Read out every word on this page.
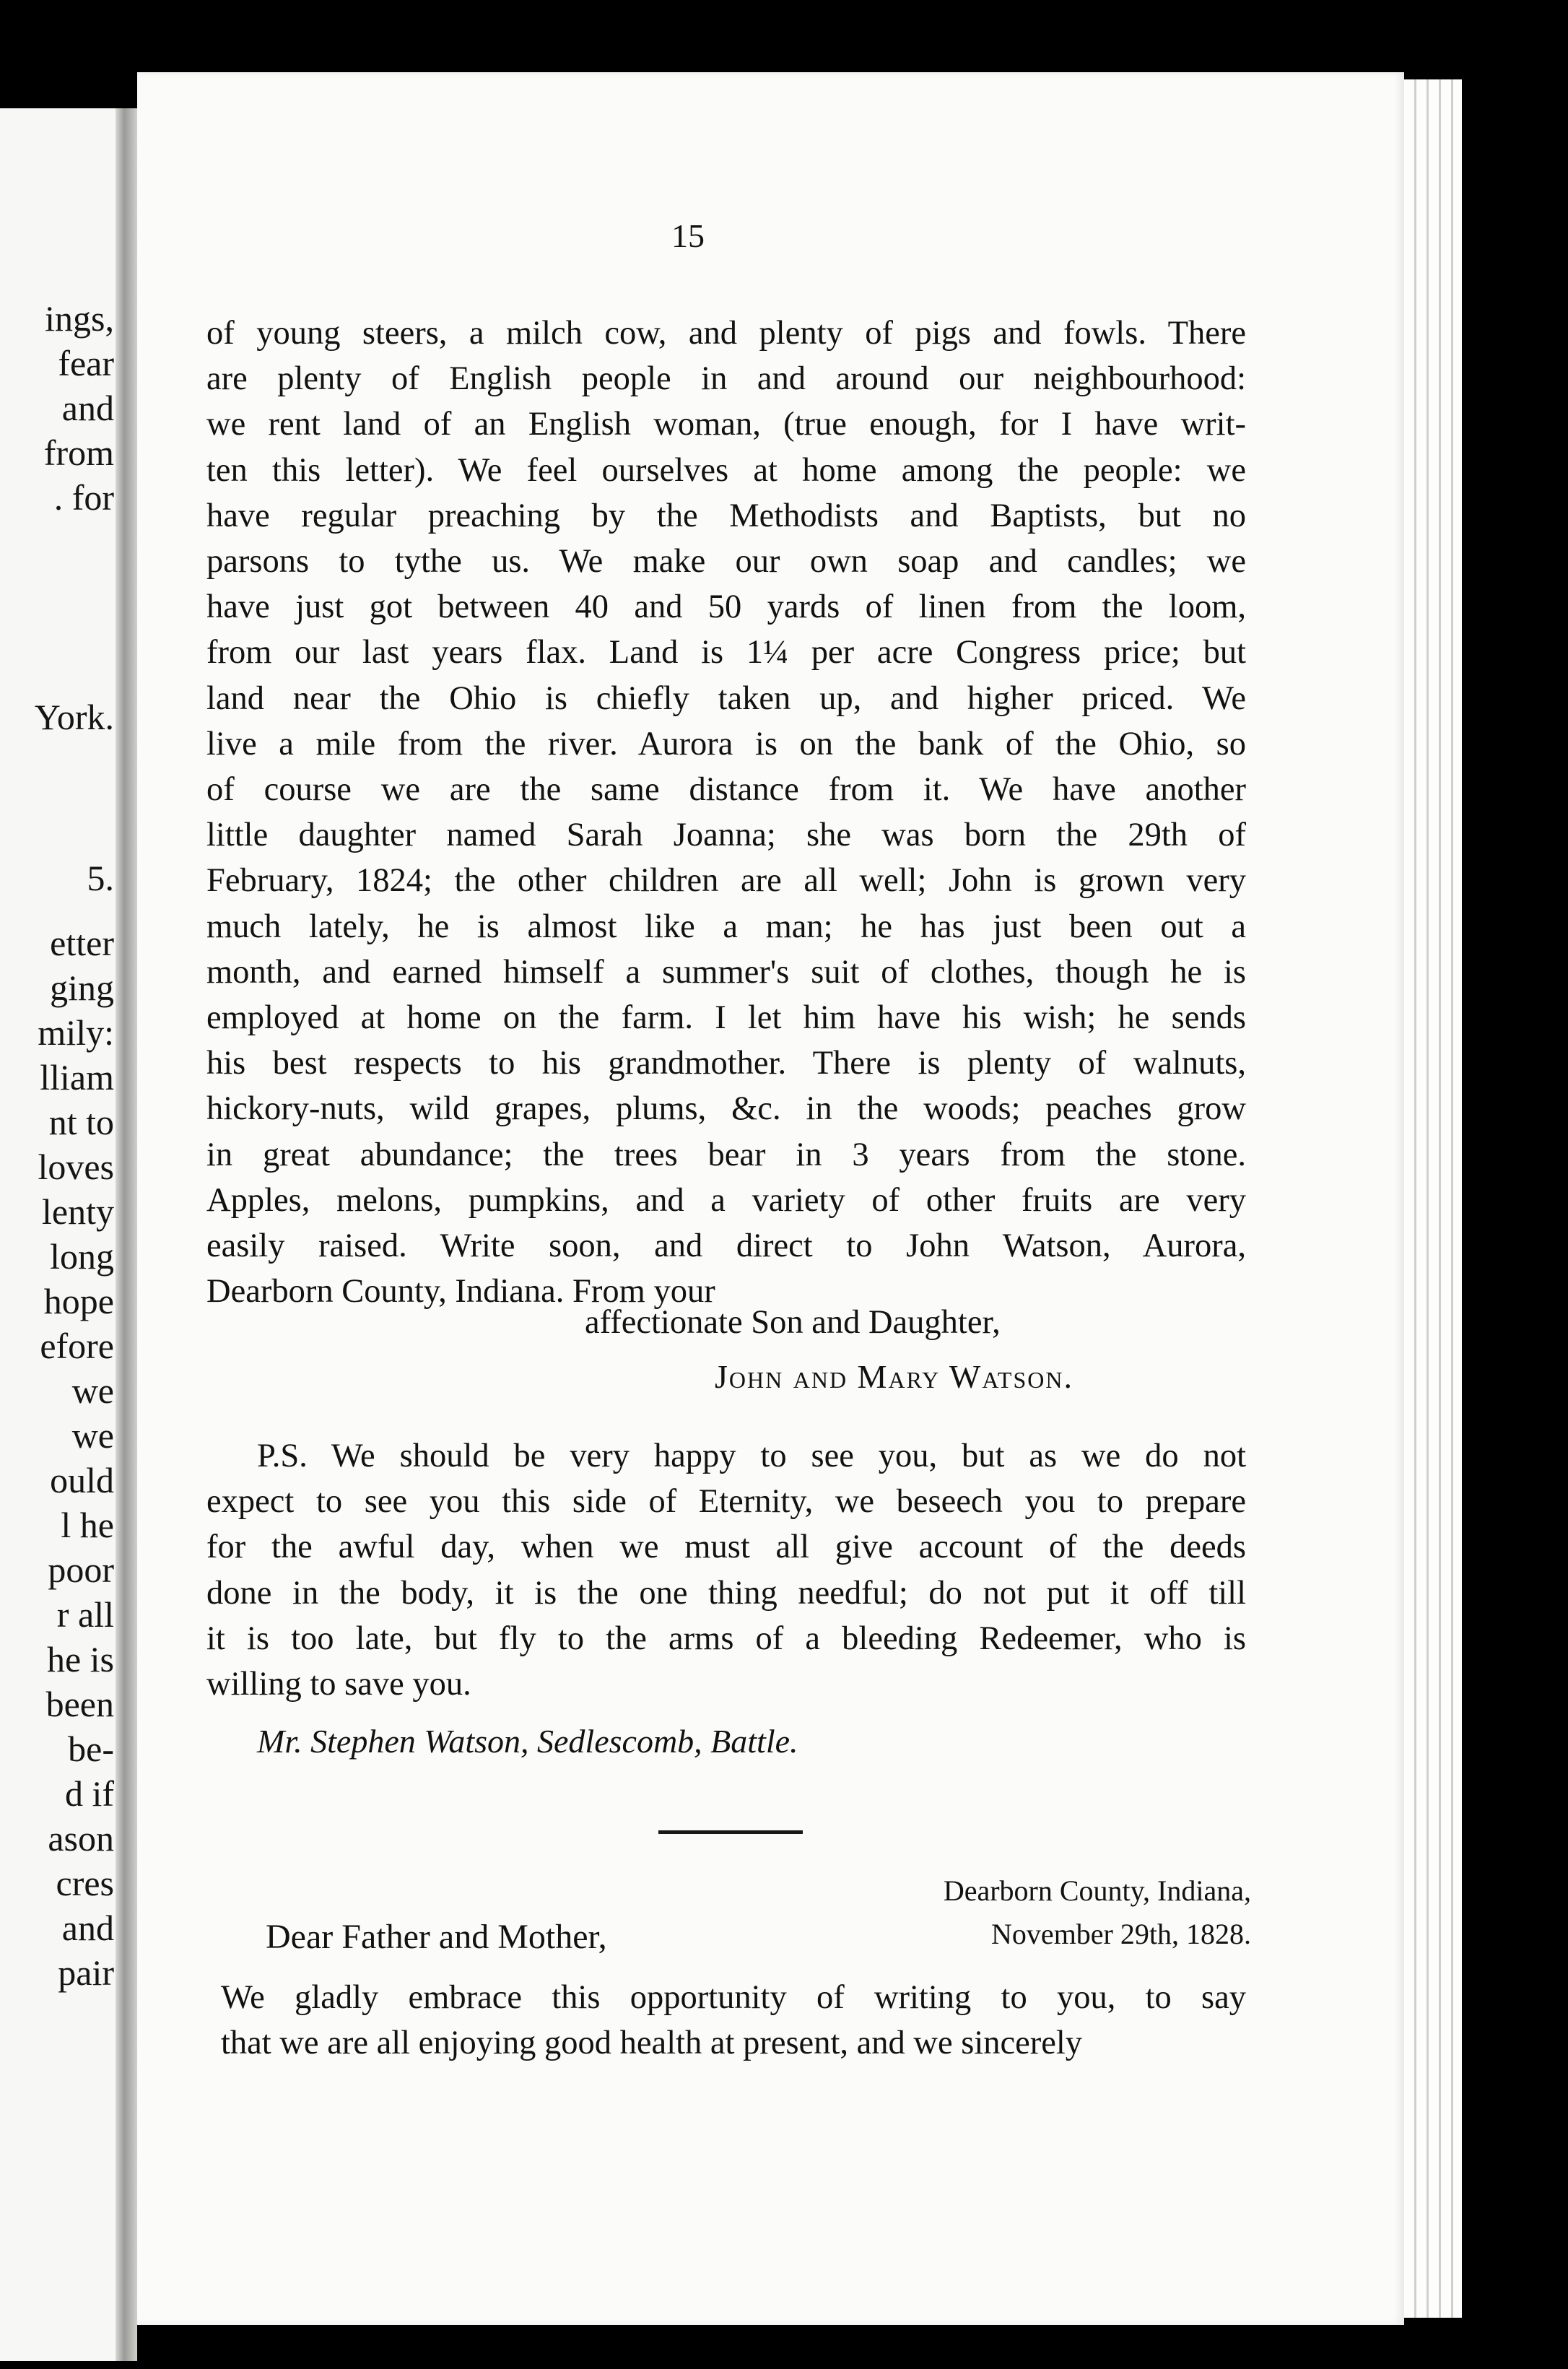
ings,
fear
and
from
. for
York.
5.
etter
ging
mily:
lliam
nt to
loves
lenty
long
hope
efore
we
we
ould
l he
poor
r all
he is
been
be-
d if
ason
cres
and
pair
15
of young steers, a milch cow, and plenty of pigs and fowls. There
are plenty of English people in and around our neighbourhood:
we rent land of an English woman, (true enough, for I have writ-
ten this letter). We feel ourselves at home among the people: we
have regular preaching by the Methodists and Baptists, but no
parsons to tythe us. We make our own soap and candles; we
have just got between 40 and 50 yards of linen from the loom,
from our last years flax. Land is 1¼ per acre Congress price; but
land near the Ohio is chiefly taken up, and higher priced. We
live a mile from the river. Aurora is on the bank of the Ohio, so
of course we are the same distance from it. We have another
little daughter named Sarah Joanna; she was born the 29th of
February, 1824; the other children are all well; John is grown very
much lately, he is almost like a man; he has just been out a
month, and earned himself a summer's suit of clothes, though he is
employed at home on the farm. I let him have his wish; he sends
his best respects to his grandmother. There is plenty of walnuts,
hickory-nuts, wild grapes, plums, &c. in the woods; peaches grow
in great abundance; the trees bear in 3 years from the stone.
Apples, melons, pumpkins, and a variety of other fruits are very
easily raised. Write soon, and direct to John Watson, Aurora,
Dearborn County, Indiana. From your
affectionate Son and Daughter,
John and Mary Watson.
P.S. We should be very happy to see you, but as we do not
expect to see you this side of Eternity, we beseech you to prepare
for the awful day, when we must all give account of the deeds
done in the body, it is the one thing needful; do not put it off till
it is too late, but fly to the arms of a bleeding Redeemer, who is
willing to save you.
Mr. Stephen Watson, Sedlescomb, Battle.
Dearborn County, Indiana,
November 29th, 1828.
Dear Father and Mother,
We gladly embrace this opportunity of writing to you, to say
that we are all enjoying good health at present, and we sincerely
